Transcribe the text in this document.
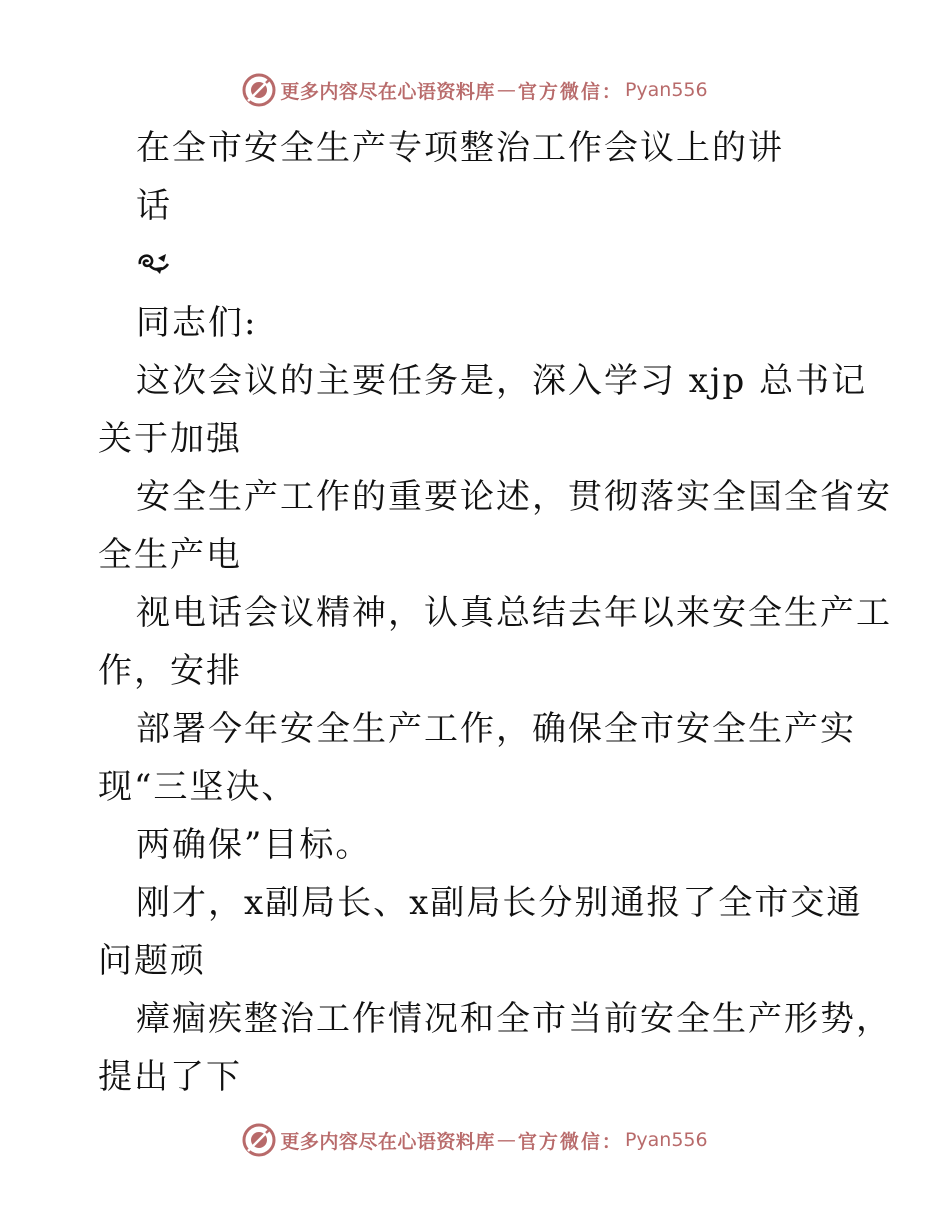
更多内容尽在心语资料库 — 官方微信： Pyan556
在全市安全生产专项整治工作会议上的讲
话
同志们:
这次会议的主要任务是，深入学习 xjp 总书记
关于加强
安全生产工作的重要论述，贯彻落实全国全省安
全生产电
视电话会议精神，认真总结去年以来安全生产工
作，安排
部署今年安全生产工作，确保全市安全生产实
现“三坚决、
两确保”目标。
刚才，x副局长、x副局长分别通报了全市交通
问题顽
瘴痼疾整治工作情况和全市当前安全生产形势，
提出了下
更多内容尽在心语资料库 — 官方微信： Pyan556
